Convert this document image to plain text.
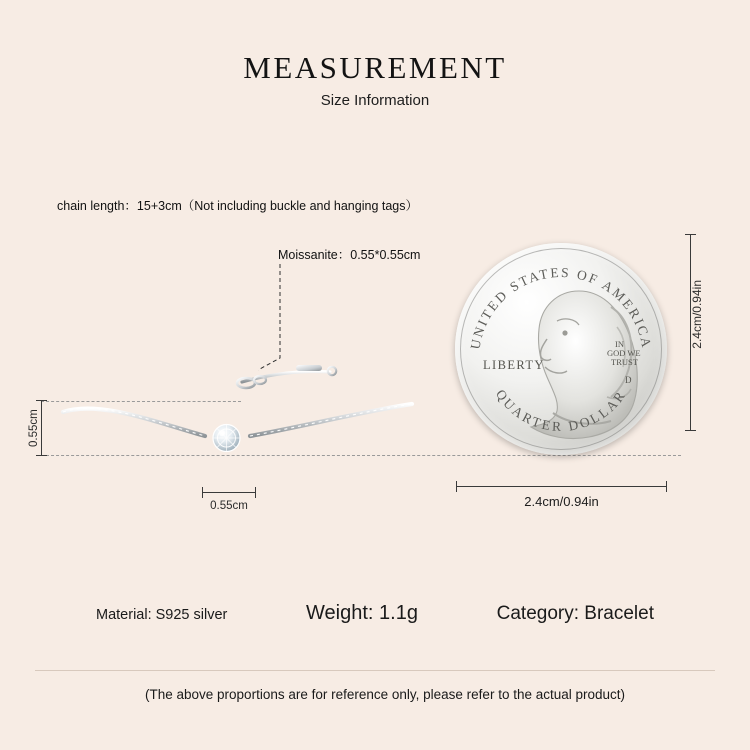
MEASUREMENT
Size Information
chain length：15+3cm（Not including buckle and hanging tags）
Moissanite：0.55*0.55cm
0.55cm
0.55cm
UNITED STATES OF AMERICA
QUARTER DOLLAR
LIBERTY
IN
GOD WE
TRUST
D
2.4cm/0.94in
2.4cm/0.94in
Material: S925 silver	Weight: 1.1g	Category: Bracelet
(The above proportions are for reference only, please refer to the actual product)
